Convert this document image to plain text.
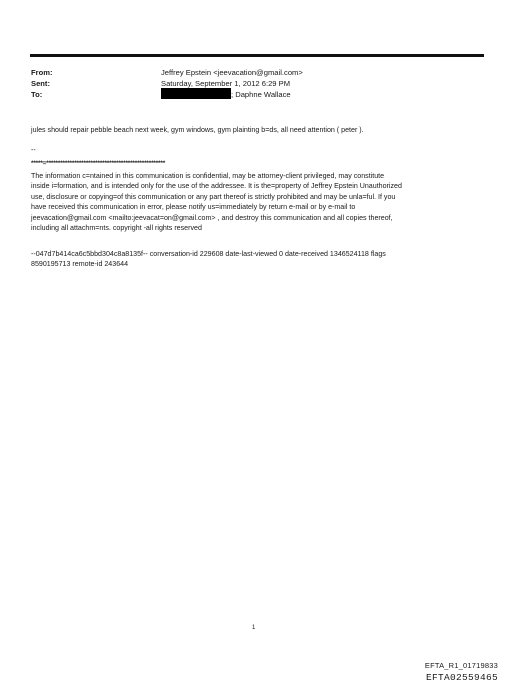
From:	Jeffrey Epstein <jeevacation@gmail.com>
Sent:	Saturday, September 1, 2012 6:29 PM
To:	; Daphne Wallace
jules should repair pebble beach next week, gym windows, gym plainting b=ds, all need attention ( peter ).
--
*****=***************************************************
The information c=ntained in this communication is confidential, may be attorney-client privileged, may constitute
inside i=formation, and is intended only for the use of the addressee. It is the=property of Jeffrey Epstein Unauthorized
use, disclosure or copying=of this communication or any part thereof is strictly prohibited and may be unla=ful. If you
have received this communication in error, please notify us=immediately by return e-mail or by e-mail to
jeevacation@gmail.com <mailto:jeevacat=on@gmail.com> , and destroy this communication and all copies thereof,
including all attachm=nts. copyright -all rights reserved
--047d7b414ca6c5bbd304c8a8135f-- conversation-id 229608 date-last-viewed 0 date-received 1346524118 flags
8590195713 remote-id 243644
1
EFTA_R1_01719833
EFTA02559465
